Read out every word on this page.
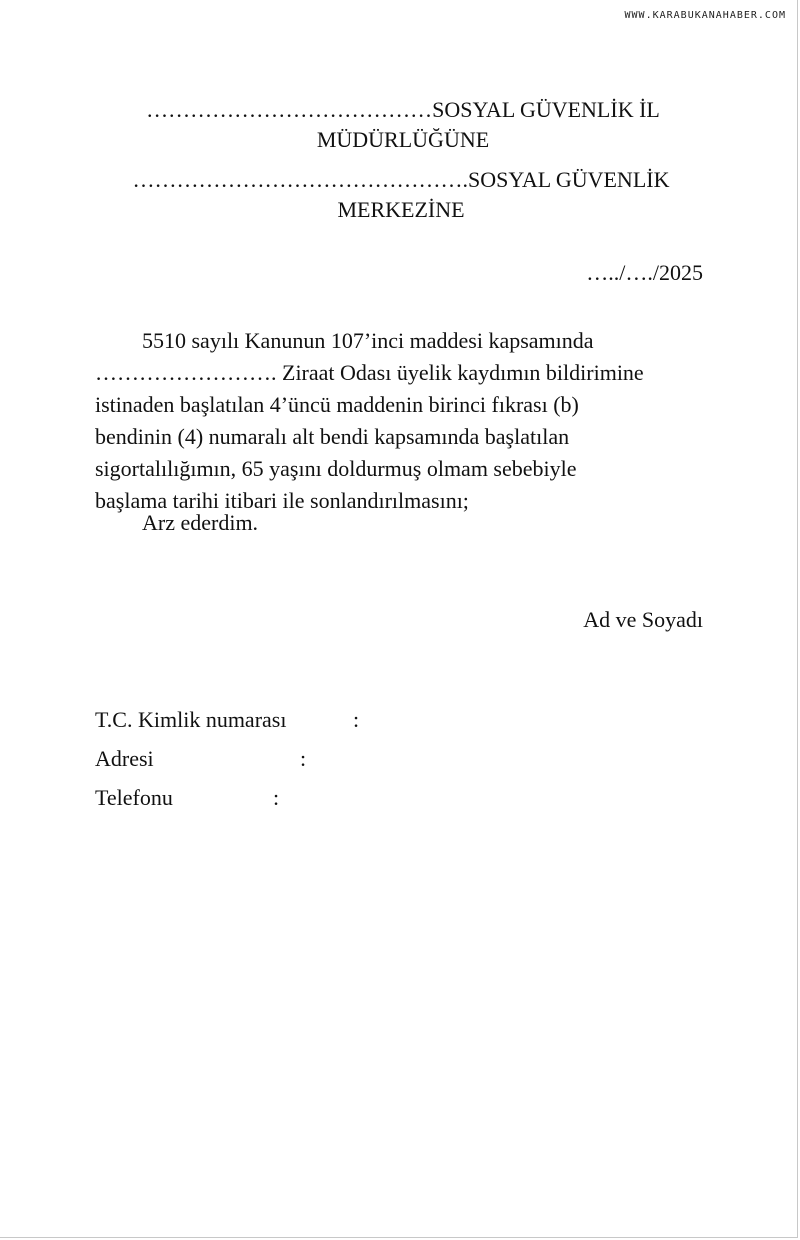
WWW.KARABUKANAHABER.COM
…………………………………SOSYAL GÜVENLİK İL
MÜDÜRLÜĞÜNE
……………………………………….SOSYAL GÜVENLİK
MERKEZİNE
…../…./2025
5510 sayılı Kanunun 107’inci maddesi kapsamında
……………………. Ziraat Odası üyelik kaydımın bildirimine
istinaden başlatılan 4’üncü maddenin birinci fıkrası (b)
bendinin (4) numaralı alt bendi kapsamında başlatılan
sigortalılığımın, 65 yaşını doldurmuş olmam sebebiyle
başlama tarihi itibari ile sonlandırılmasını;
Arz ederdim.
Ad ve Soyadı
T.C. Kimlik numarası	:
Adresi	:
Telefonu	:
